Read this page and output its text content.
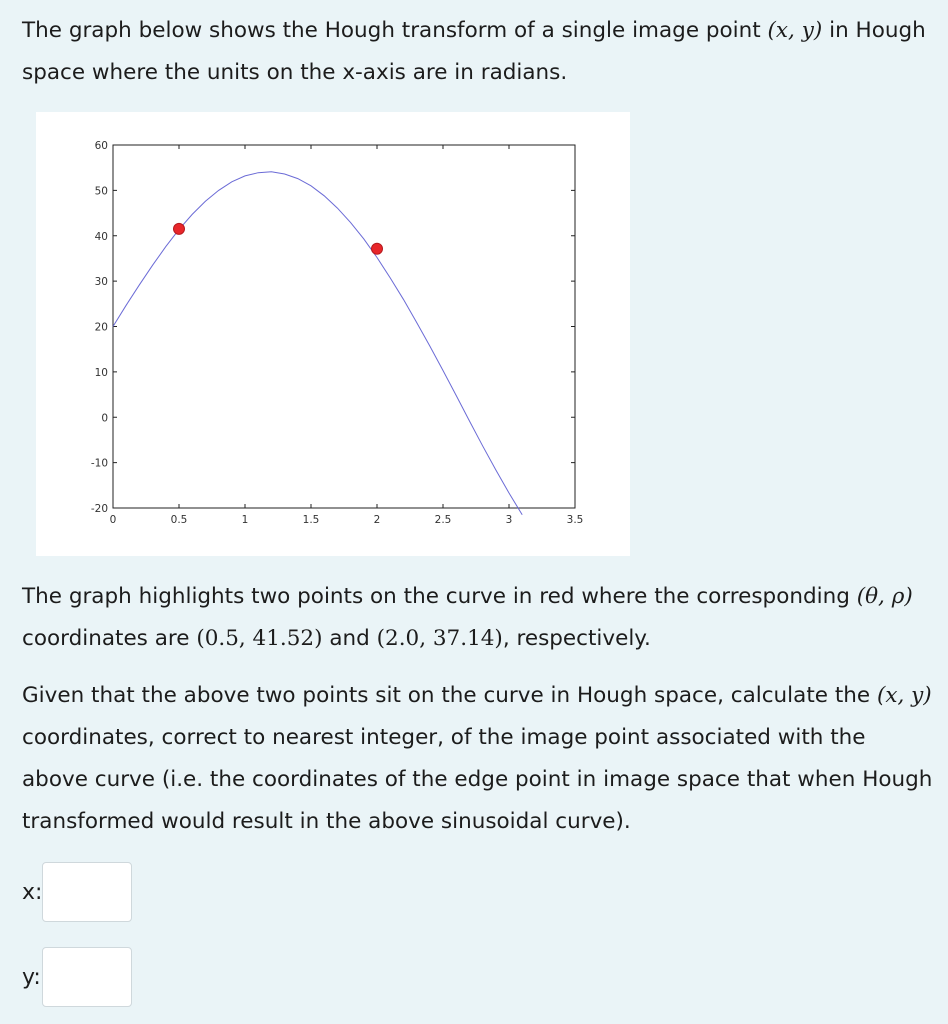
The graph below shows the Hough transform of a single image point (x, y) in Hough space where the units on the x-axis are in radians.

0	0.5	1	1.5	2	2.5	3	3.5
60
50
40
30
20
10
0
-10
-20

The graph highlights two points on the curve in red where the corresponding (θ, ρ) coordinates are (0.5, 41.52) and (2.0, 37.14), respectively.

Given that the above two points sit on the curve in Hough space, calculate the (x, y) coordinates, correct to nearest integer, of the image point associated with the above curve (i.e. the coordinates of the edge point in image space that when Hough transformed would result in the above sinusoidal curve).

x:
y:
